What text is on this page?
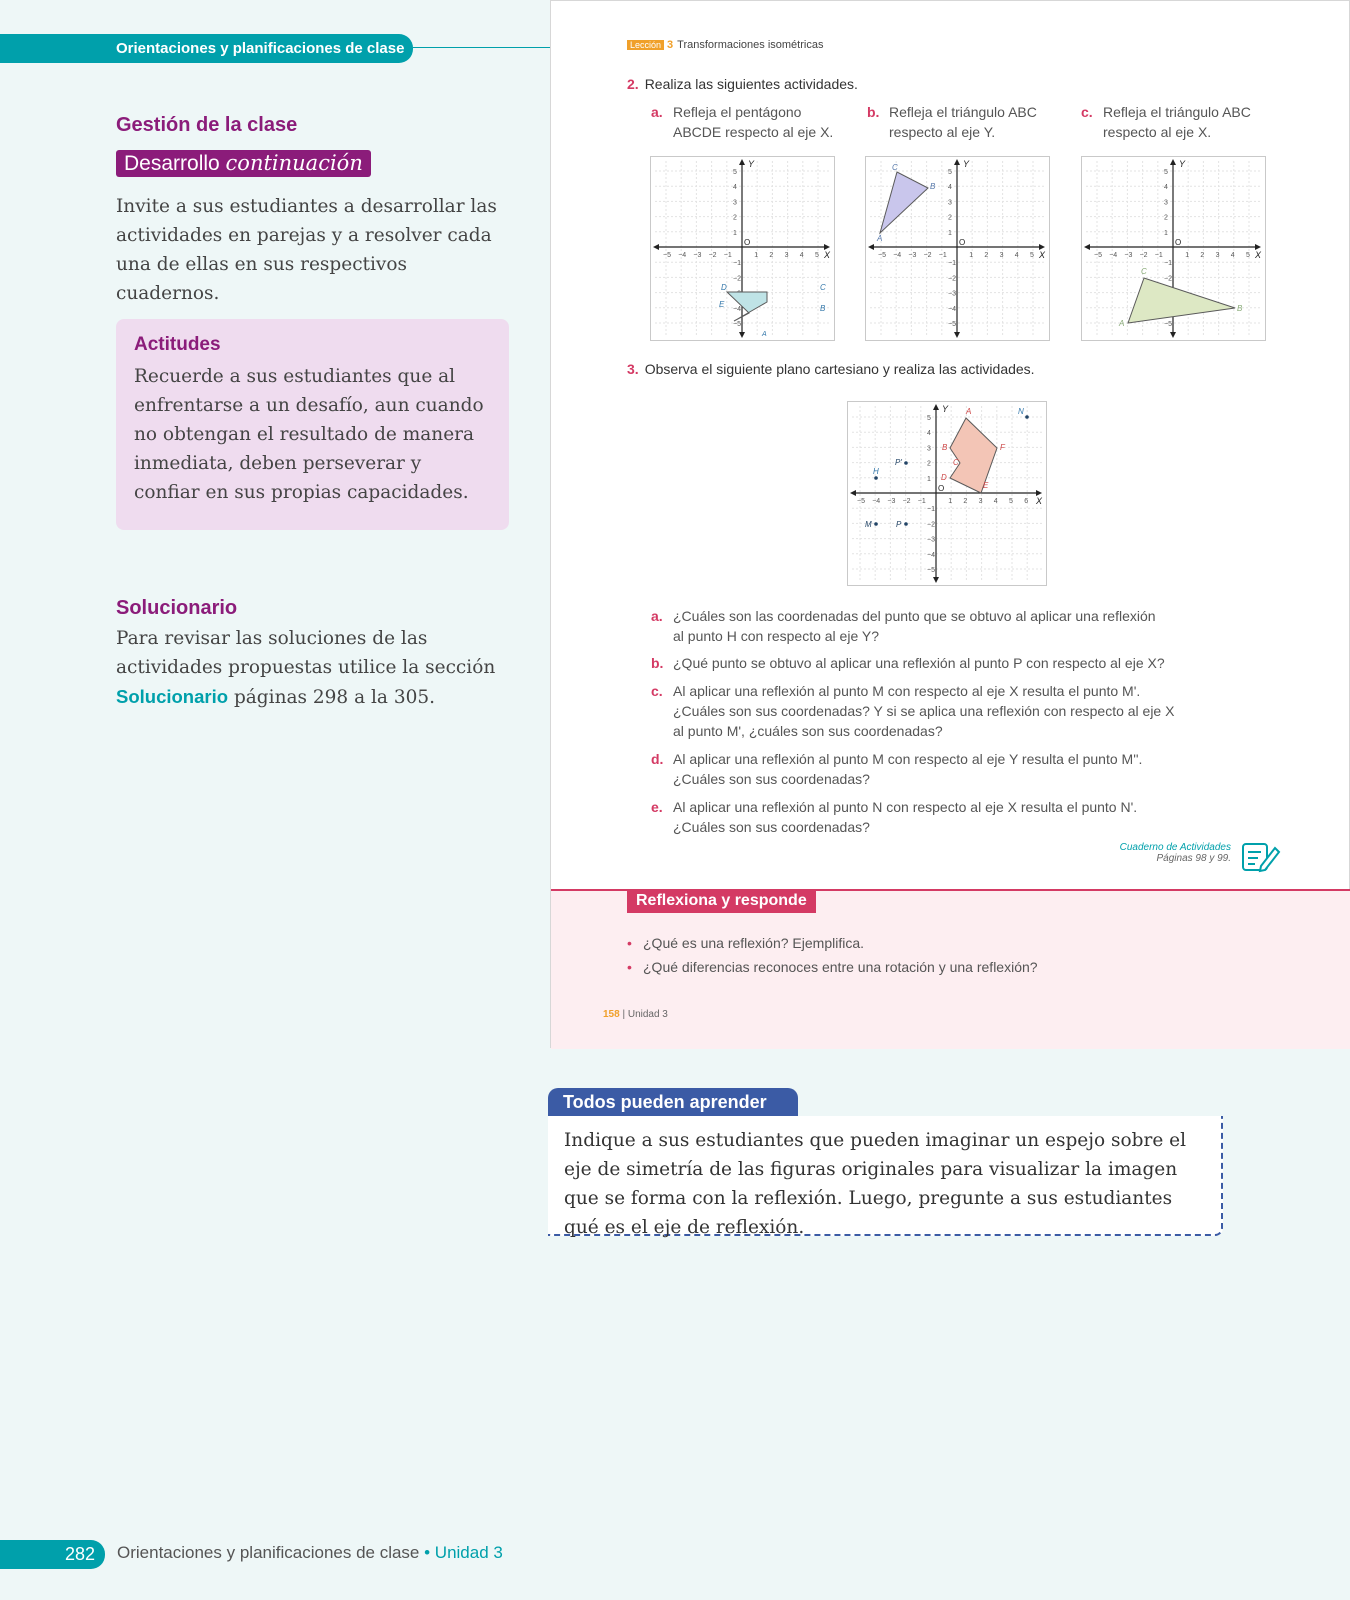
Orientaciones y planificaciones de clase
Gestión de la clase
Desarrollo continuación
Invite a sus estudiantes a desarrollar las actividades en parejas y a resolver cada una de ellas en sus respectivos cuadernos.
Actitudes
Recuerde a sus estudiantes que al enfrentarse a un desafío, aun cuando no obtengan el resultado de manera inmediata, deben perseverar y confiar en sus propias capacidades.
Solucionario
Para revisar las soluciones de las actividades propuestas utilice la sección Solucionario páginas 298 a la 305.
Lección 3 Transformaciones isométricas
2. Realiza las siguientes actividades.
a. Refleja el pentágono
ABCDE respecto al eje X.
b. Refleja el triángulo ABC
respecto al eje Y.
c. Refleja el triángulo ABC
respecto al eje X.
−5 −4 −3 −2 −1	1 2 3 4 5
−5
−4
−2
−1
1
2
3
4
5
X
Y
O
A
D	C
E	B
−5 −4 −3 −2 −1	1 2 3 4 5
−5
−4
−3
−2
−1
1
2
3
4
5
X
Y
O
C
B
A
−5 −4 −3 −2 −1	1 2 3 4 5
−5
−2
−1
1
2
3
4
5
X
Y
O
C
B
A
3. Observa el siguiente plano cartesiano y realiza las actividades.
−5 −4 −3 −2 −1	1 2 3 4 5 6
−5
−4
−3
−2
−1
1
2
3
4
5
X
Y
O
A
B	F
C
D
E
N
P'
H
M	P
a. ¿Cuáles son las coordenadas del punto que se obtuvo al aplicar una reflexión
al punto H con respecto al eje Y?
b. ¿Qué punto se obtuvo al aplicar una reflexión al punto P con respecto al eje X?
c. Al aplicar una reflexión al punto M con respecto al eje X resulta el punto M'.
¿Cuáles son sus coordenadas? Y si se aplica una reflexión con respecto al eje X
al punto M', ¿cuáles son sus coordenadas?
d. Al aplicar una reflexión al punto M con respecto al eje Y resulta el punto M''.
¿Cuáles son sus coordenadas?
e. Al aplicar una reflexión al punto N con respecto al eje X resulta el punto N'.
¿Cuáles son sus coordenadas?
Cuaderno de Actividades
Páginas 98 y 99.
Reflexiona y responde
• ¿Qué es una reflexión? Ejemplifica.
• ¿Qué diferencias reconoces entre una rotación y una reflexión?
158 | Unidad 3
Todos pueden aprender
Indique a sus estudiantes que pueden imaginar un espejo sobre el eje de simetría de las figuras originales para visualizar la imagen que se forma con la reflexión. Luego, pregunte a sus estudiantes qué es el eje de reflexión.
282 Orientaciones y planificaciones de clase • Unidad 3
